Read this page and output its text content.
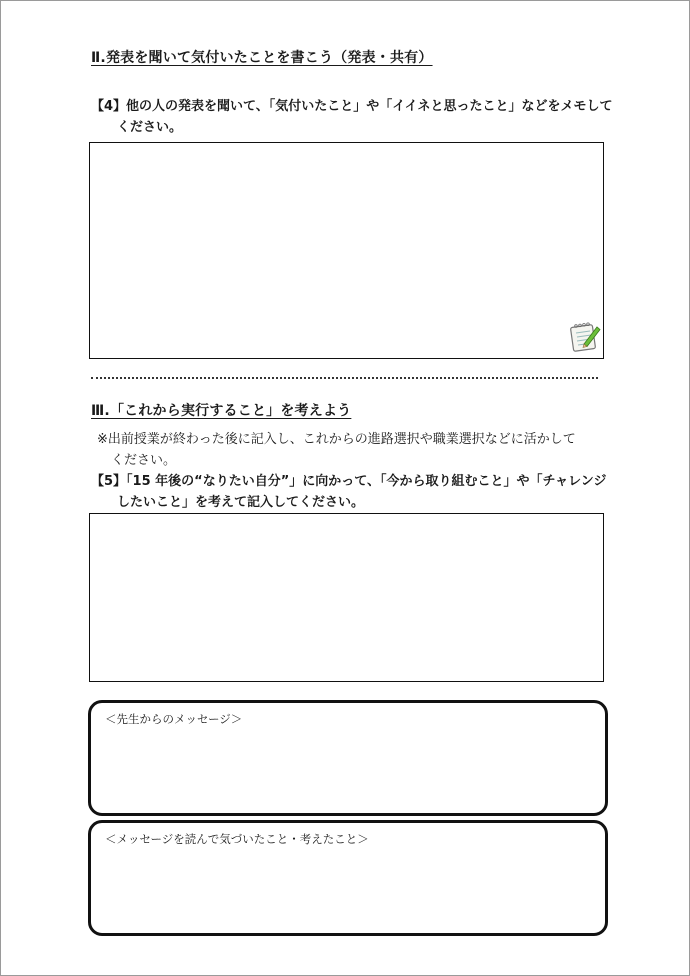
Ⅱ.発表を聞いて気付いたことを書こう（発表・共有）
【4】他の人の発表を聞いて、「気付いたこと」や「イイネと思ったこと」などをメモして
ください。
Ⅲ.「これから実行すること」を考えよう
※出前授業が終わった後に記入し、これからの進路選択や職業選択などに活かして
ください。
【5】「15 年後の“なりたい自分”」に向かって、「今から取り組むこと」や「チャレンジ
したいこと」を考えて記入してください。
＜先生からのメッセージ＞
＜メッセージを読んで気づいたこと・考えたこと＞
